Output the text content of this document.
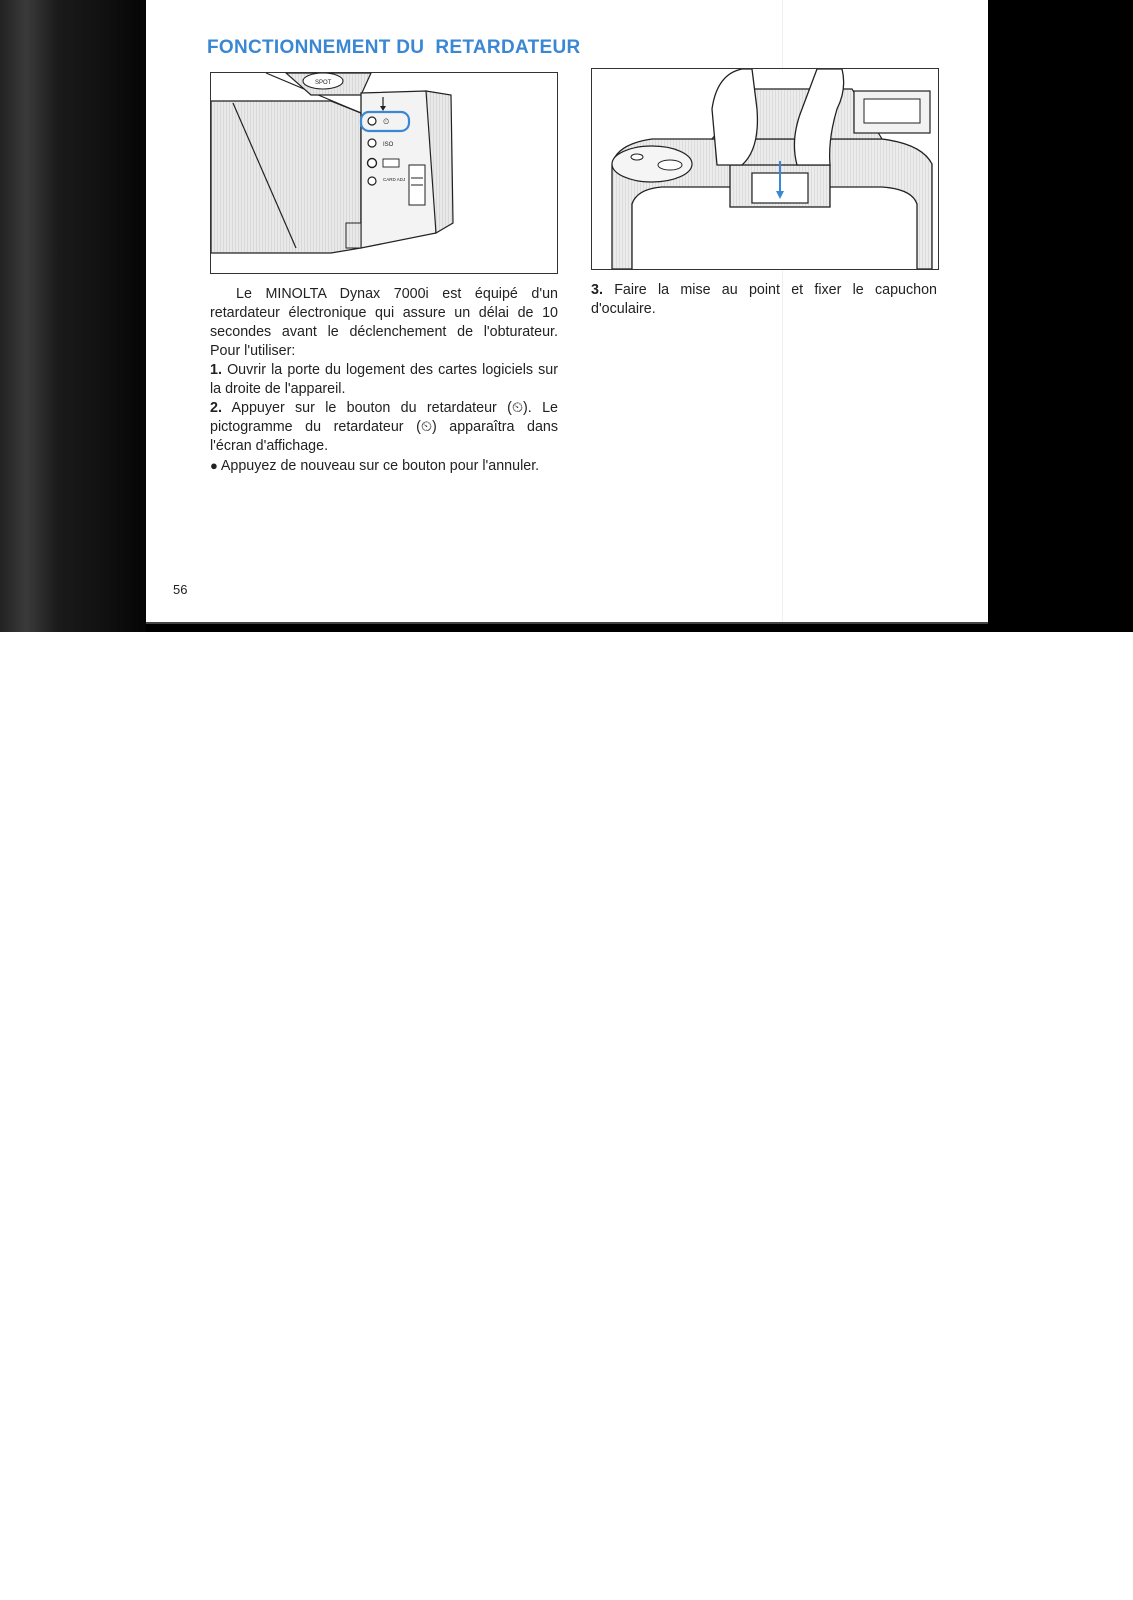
FONCTIONNEMENT DU  RETARDATEUR
SPOT
⏲
ISO
CARD ADJ

Le MINOLTA Dynax 7000i est équipé d'un retardateur électronique qui assure un délai de 10 secondes avant le déclenchement de l'obturateur. Pour l'utiliser:

1. Ouvrir la porte du logement des cartes logiciels sur la droite de l'appareil.

2. Appuyer sur le bouton du retardateur (⏲︎). Le pictogramme du retardateur (⏲︎) apparaîtra dans l'écran d'affichage.

● Appuyez de nouveau sur ce bouton pour l'annuler.

3. Faire la mise au point et fixer le capuchon d'oculaire.

56
